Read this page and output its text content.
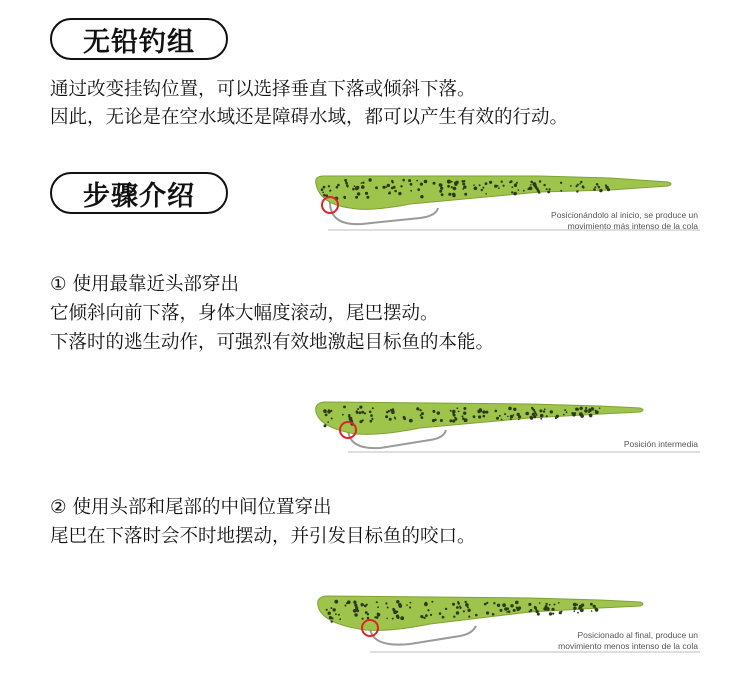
无铅钓组
通过改变挂钩位置，可以选择垂直下落或倾斜下落。
因此，无论是在空水域还是障碍水域，都可以产生有效的行动。
步骤介绍
Posicionándolo al inicio, se produce un
movimiento más intenso de la cola
① 使用最靠近头部穿出
它倾斜向前下落，身体大幅度滚动，尾巴摆动。
下落时的逃生动作，可强烈有效地激起目标鱼的本能。
Posición intermedia
② 使用头部和尾部的中间位置穿出
尾巴在下落时会不时地摆动，并引发目标鱼的咬口。
Posicionado al final, produce un
movimiento menos intenso de la cola
